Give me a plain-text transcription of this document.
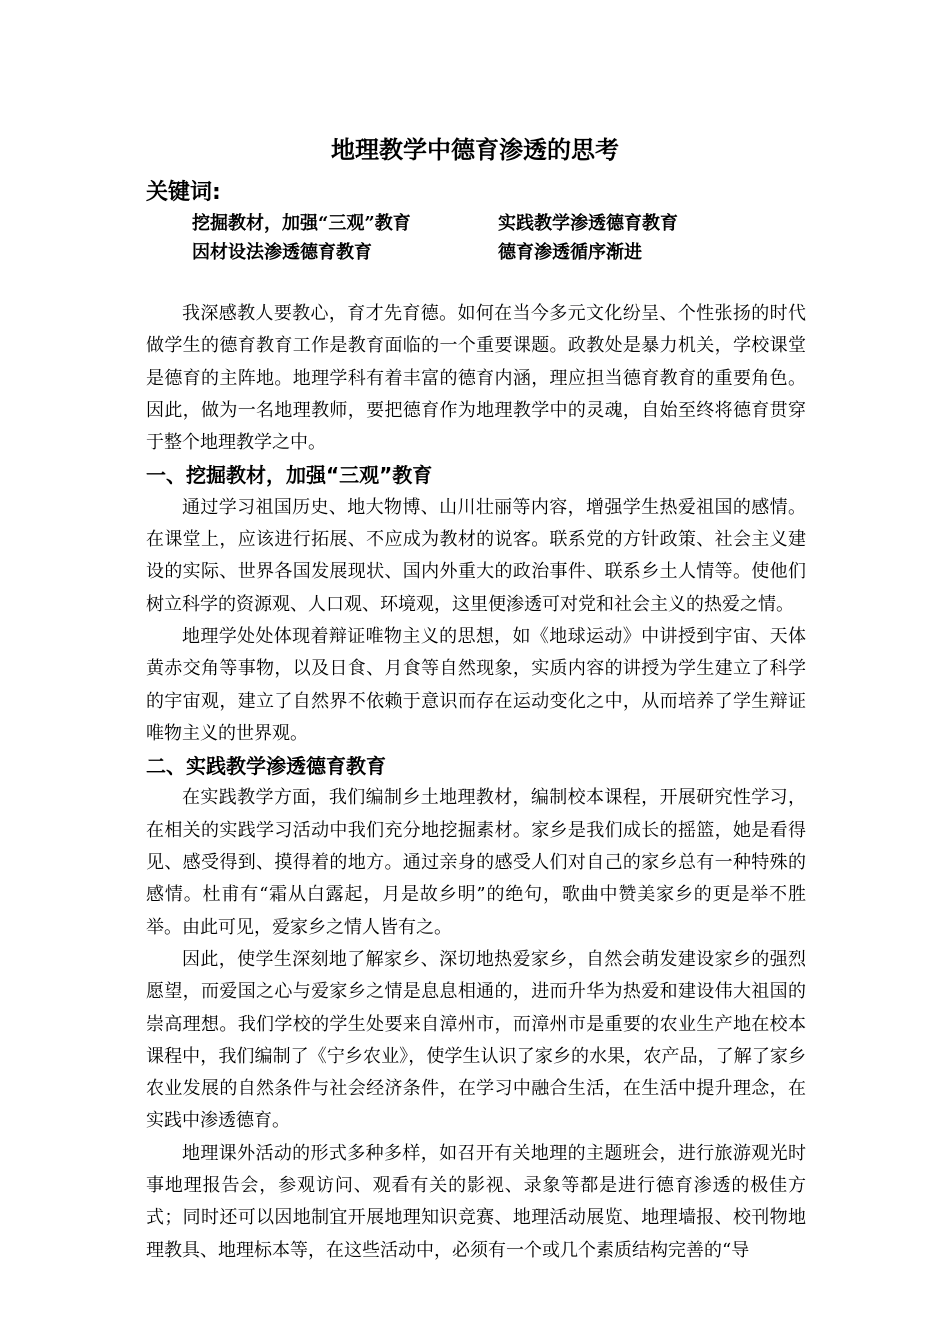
地理教学中德育渗透的思考
关键词:
挖掘教材，加强“三观”教育	实践教学渗透德育教育
因材设法渗透德育教育	德育渗透循序渐进

我深感教人要教心，育才先育德。如何在当今多元文化纷呈、个性张扬的时代做学生的德育教育工作是教育面临的一个重要课题。政教处是暴力机关，学校课堂是德育的主阵地。地理学科有着丰富的德育内涵，理应担当德育教育的重要角色。因此，做为一名地理教师，要把德育作为地理教学中的灵魂，自始至终将德育贯穿于整个地理教学之中。

一、挖掘教材，加强“三观”教育

通过学习祖国历史、地大物博、山川壮丽等内容，增强学生热爱祖国的感情。在课堂上，应该进行拓展、不应成为教材的说客。联系党的方针政策、社会主义建设的实际、世界各国发展现状、国内外重大的政治事件、联系乡土人情等。使他们树立科学的资源观、人口观、环境观，这里便渗透可对党和社会主义的热爱之情。

地理学处处体现着辩证唯物主义的思想，如《地球运动》中讲授到宇宙、天体黄赤交角等事物，以及日食、月食等自然现象，实质内容的讲授为学生建立了科学的宇宙观，建立了自然界不依赖于意识而存在运动变化之中，从而培养了学生辩证唯物主义的世界观。

二、实践教学渗透德育教育

在实践教学方面，我们编制乡土地理教材，编制校本课程，开展研究性学习，在相关的实践学习活动中我们充分地挖掘素材。家乡是我们成长的摇篮，她是看得见、感受得到、摸得着的地方。通过亲身的感受人们对自己的家乡总有一种特殊的感情。杜甫有“霜从白露起，月是故乡明”的绝句，歌曲中赞美家乡的更是举不胜举。由此可见，爱家乡之情人皆有之。

因此，使学生深刻地了解家乡、深切地热爱家乡，自然会萌发建设家乡的强烈愿望，而爱国之心与爱家乡之情是息息相通的，进而升华为热爱和建设伟大祖国的崇高理想。我们学校的学生处要来自漳州市，而漳州市是重要的农业生产地在校本课程中，我们编制了《宁乡农业》，使学生认识了家乡的水果，农产品，了解了家乡农业发展的自然条件与社会经济条件，在学习中融合生活，在生活中提升理念，在实践中渗透德育。

地理课外活动的形式多种多样，如召开有关地理的主题班会，进行旅游观光时事地理报告会，参观访问、观看有关的影视、录象等都是进行德育渗透的极佳方式；同时还可以因地制宜开展地理知识竞赛、地理活动展览、地理墙报、校刊物地理教具、地理标本等，在这些活动中，必须有一个或几个素质结构完善的“导
